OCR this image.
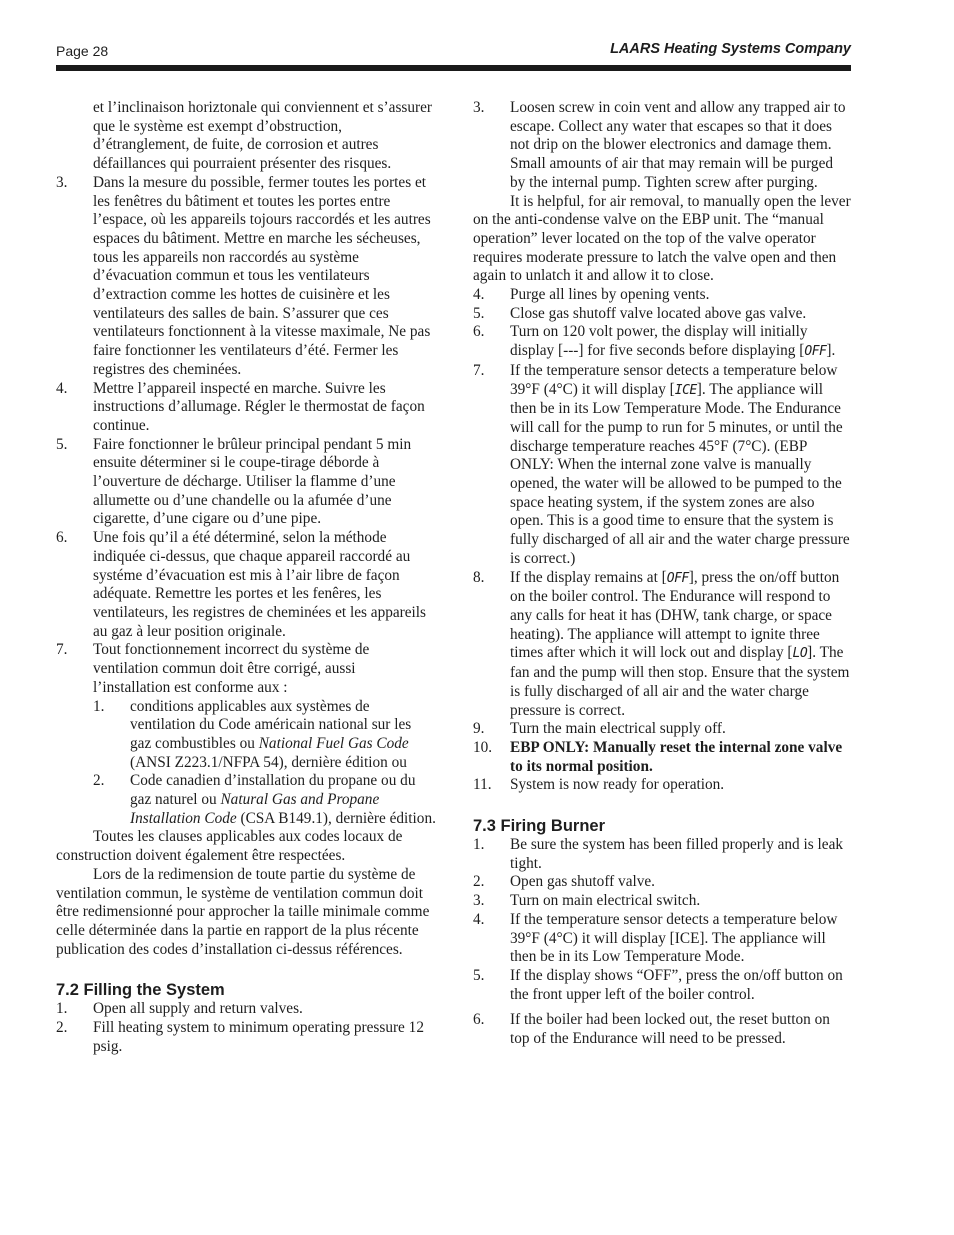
Page 28	LAARS Heating Systems Company

et l’inclinaison horiztonale qui conviennent et s’assurer que le système est exempt d’obstruction, d’étranglement, de fuite, de corrosion et autres défaillances qui pourraient présenter des risques.

3. Dans la mesure du possible, fermer toutes les portes et les fenêtres du bâtiment et toutes les portes entre l’espace, où les appareils tojours raccordés et les autres espaces du bâtiment. Mettre en marche les sécheuses, tous les appareils non raccordés au système d’évacuation commun et tous les ventilateurs d’extraction comme les hottes de cuisinère et les ventilateurs des salles de bain. S’assurer que ces ventilateurs fonctionnent à la vitesse maximale, Ne pas faire fonctionner les ventilateurs d’été. Fermer les registres des cheminées.
4. Mettre l’appareil inspecté en marche. Suivre les instructions d’allumage. Régler le thermostat de façon continue.
5. Faire fonctionner le brûleur principal pendant 5 min ensuite déterminer si le coupe-tirage déborde à l’ouverture de décharge. Utiliser la flamme d’une allumette ou d’une chandelle ou la afumée d’une cigarette, d’une cigare ou d’une pipe.
6. Une fois qu’il a été déterminé, selon la méthode indiquée ci-dessus, que chaque appareil raccordé au systéme d’évacuation est mis à l’air libre de façon adéquate. Remettre les portes et les fenêres, les ventilateurs, les registres de cheminées et les appareils au gaz à leur position originale.
7. Tout fonctionnement incorrect du système de ventilation commun doit être corrigé, aussi l’installation est conforme aux :
1. conditions applicables aux systèmes de ventilation du Code américain national sur les gaz combustibles ou National Fuel Gas Code (ANSI Z223.1/NFPA 54), dernière édition ou
2. Code canadien d’installation du propane ou du gaz naturel ou Natural Gas and Propane Installation Code (CSA B149.1), dernière édition.

Toutes les clauses applicables aux codes locaux de construction doivent également être respectées.

Lors de la redimension de toute partie du système de ventilation commun, le système de ventilation commun doit être redimensionné pour approcher la taille minimale comme celle déterminée dans la partie en rapport de la plus récente publication des codes d’installation ci-dessus références.

7.2 Filling the System
1. Open all supply and return valves.
2. Fill heating system to minimum operating pressure 12 psig.
3. Loosen screw in coin vent and allow any trapped air to escape. Collect any water that escapes so that it does not drip on the blower electronics and damage them. Small amounts of air that may remain will be purged by the internal pump. Tighten screw after purging.

It is helpful, for air removal, to manually open the lever on the anti-condense valve on the EBP unit. The “manual operation” lever located on the top of the valve operator requires moderate pressure to latch the valve open and then again to unlatch it and allow it to close.

4. Purge all lines by opening vents.
5. Close gas shutoff valve located above gas valve.
6. Turn on 120 volt power, the display will initially display [---] for five seconds before displaying [OFF].
7. If the temperature sensor detects a temperature below 39°F (4°C) it will display [ICE]. The appliance will then be in its Low Temperature Mode. The Endurance will call for the pump to run for 5 minutes, or until the discharge temperature reaches 45°F (7°C). (EBP ONLY: When the internal zone valve is manually opened, the water will be allowed to be pumped to the space heating system, if the system zones are also open. This is a good time to ensure that the system is fully discharged of all air and the water charge pressure is correct.)
8. If the display remains at [OFF], press the on/off button on the boiler control. The Endurance will respond to any calls for heat it has (DHW, tank charge, or space heating). The appliance will attempt to ignite three times after which it will lock out and display [LO]. The fan and the pump will then stop. Ensure that the system is fully discharged of all air and the water charge pressure is correct.
9. Turn the main electrical supply off.
10. EBP ONLY: Manually reset the internal zone valve to its normal position.
11. System is now ready for operation.
7.3 Firing Burner
1. Be sure the system has been filled properly and is leak tight.
2. Open gas shutoff valve.
3. Turn on main electrical switch.
4. If the temperature sensor detects a temperature below 39°F (4°C) it will display [ICE]. The appliance will then be in its Low Temperature Mode.
5. If the display shows “OFF”, press the on/off button on the front upper left of the boiler control.
6. If the boiler had been locked out, the reset button on top of the Endurance will need to be pressed.
